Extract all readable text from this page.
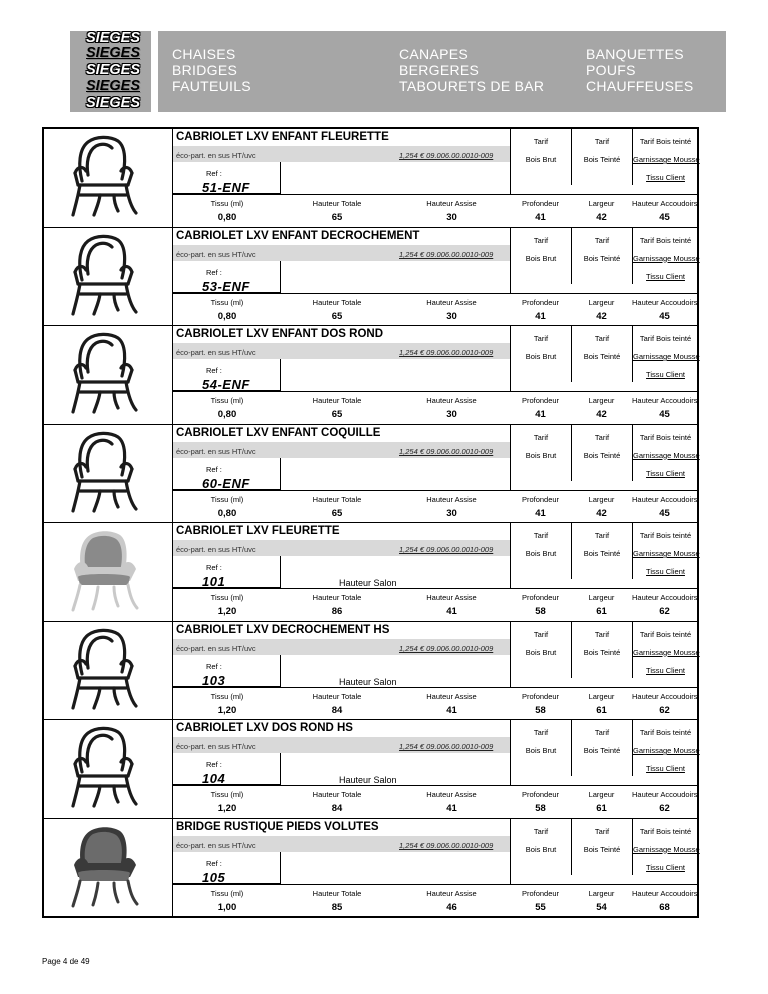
SIEGES
SIEGES
SIEGES
SIEGES
SIEGES
CHAISES
BRIDGES
FAUTEUILS
CANAPES
BERGERES
TABOURETS DE BAR
BANQUETTES
POUFS
CHAUFFEUSES
CABRIOLET LXV ENFANT FLEURETTE
éco-part. en sus HT/uvc	1,254 € 09.006.00.0010-009
Ref :
51-ENF
Tarif
Bois Brut
Tarif
Bois Teinté
Tarif Bois teinté
Garnissage Mousse
Tissu Client
Tissu (ml)	Hauteur Totale	Hauteur Assise	Profondeur	Largeur	Hauteur Accoudoirs
0,80	65	30	41	42	45
CABRIOLET LXV ENFANT DECROCHEMENT
éco-part. en sus HT/uvc	1,254 € 09.006.00.0010-009
Ref :
53-ENF
Tarif
Bois Brut
Tarif
Bois Teinté
Tarif Bois teinté
Garnissage Mousse
Tissu Client
Tissu (ml)	Hauteur Totale	Hauteur Assise	Profondeur	Largeur	Hauteur Accoudoirs
0,80	65	30	41	42	45
CABRIOLET LXV ENFANT DOS ROND
éco-part. en sus HT/uvc	1,254 € 09.006.00.0010-009
Ref :
54-ENF
Tarif
Bois Brut
Tarif
Bois Teinté
Tarif Bois teinté
Garnissage Mousse
Tissu Client
Tissu (ml)	Hauteur Totale	Hauteur Assise	Profondeur	Largeur	Hauteur Accoudoirs
0,80	65	30	41	42	45
CABRIOLET LXV ENFANT COQUILLE
éco-part. en sus HT/uvc	1,254 € 09.006.00.0010-009
Ref :
60-ENF
Tarif
Bois Brut
Tarif
Bois Teinté
Tarif Bois teinté
Garnissage Mousse
Tissu Client
Tissu (ml)	Hauteur Totale	Hauteur Assise	Profondeur	Largeur	Hauteur Accoudoirs
0,80	65	30	41	42	45
CABRIOLET LXV FLEURETTE
éco-part. en sus HT/uvc	1,254 € 09.006.00.0010-009
Ref :
101	Hauteur Salon
Tarif
Bois Brut
Tarif
Bois Teinté
Tarif Bois teinté
Garnissage Mousse
Tissu Client
Tissu (ml)	Hauteur Totale	Hauteur Assise	Profondeur	Largeur	Hauteur Accoudoirs
1,20	86	41	58	61	62
CABRIOLET LXV DECROCHEMENT HS
éco-part. en sus HT/uvc	1,254 € 09.006.00.0010-009
Ref :
103	Hauteur Salon
Tarif
Bois Brut
Tarif
Bois Teinté
Tarif Bois teinté
Garnissage Mousse
Tissu Client
Tissu (ml)	Hauteur Totale	Hauteur Assise	Profondeur	Largeur	Hauteur Accoudoirs
1,20	84	41	58	61	62
CABRIOLET LXV DOS ROND HS
éco-part. en sus HT/uvc	1,254 € 09.006.00.0010-009
Ref :
104	Hauteur Salon
Tarif
Bois Brut
Tarif
Bois Teinté
Tarif Bois teinté
Garnissage Mousse
Tissu Client
Tissu (ml)	Hauteur Totale	Hauteur Assise	Profondeur	Largeur	Hauteur Accoudoirs
1,20	84	41	58	61	62
BRIDGE RUSTIQUE PIEDS VOLUTES
éco-part. en sus HT/uvc	1,254 € 09.006.00.0010-009
Ref :
105
Tarif
Bois Brut
Tarif
Bois Teinté
Tarif Bois teinté
Garnissage Mousse
Tissu Client
Tissu (ml)	Hauteur Totale	Hauteur Assise	Profondeur	Largeur	Hauteur Accoudoirs
1,00	85	46	55	54	68
Page 4 de 49
